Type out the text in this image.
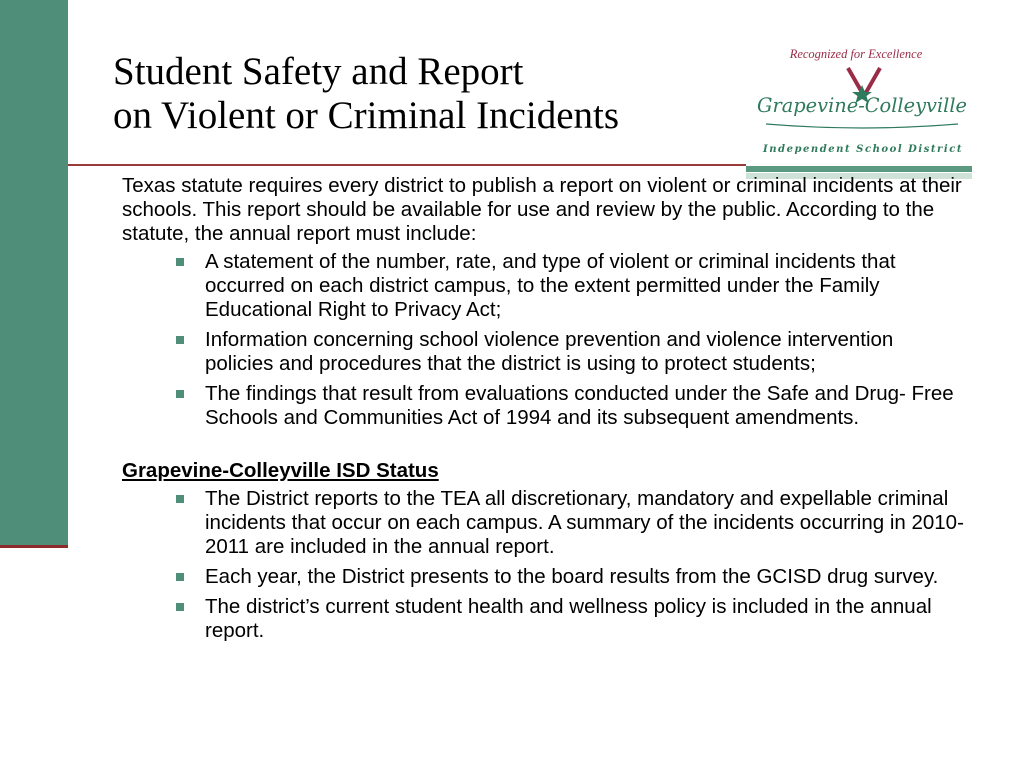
Student Safety and Report
on Violent or Criminal Incidents
Recognized for Excellence
Grapevine-Colleyville
Independent School District

Texas statute requires every district to publish a report on violent or criminal incidents at their schools. This report should be available for use and review by the public. According to the statute, the annual report must include:

A statement of the number, rate, and type of violent or criminal incidents that occurred on each district campus, to the extent permitted under the Family Educational Right to Privacy Act;
Information concerning school violence prevention and violence intervention policies and procedures that the district is using to protect students;
The findings that result from evaluations conducted under the Safe and Drug- Free Schools and Communities Act of 1994 and its subsequent amendments.
Grapevine-Colleyville ISD Status
The District reports to the TEA all discretionary, mandatory and expellable criminal incidents that occur on each campus. A summary of the incidents occurring in 2010-2011 are included in the annual report.
Each year, the District presents to the board results from the GCISD drug survey.
The district’s current student health and wellness policy is included in the annual report.
